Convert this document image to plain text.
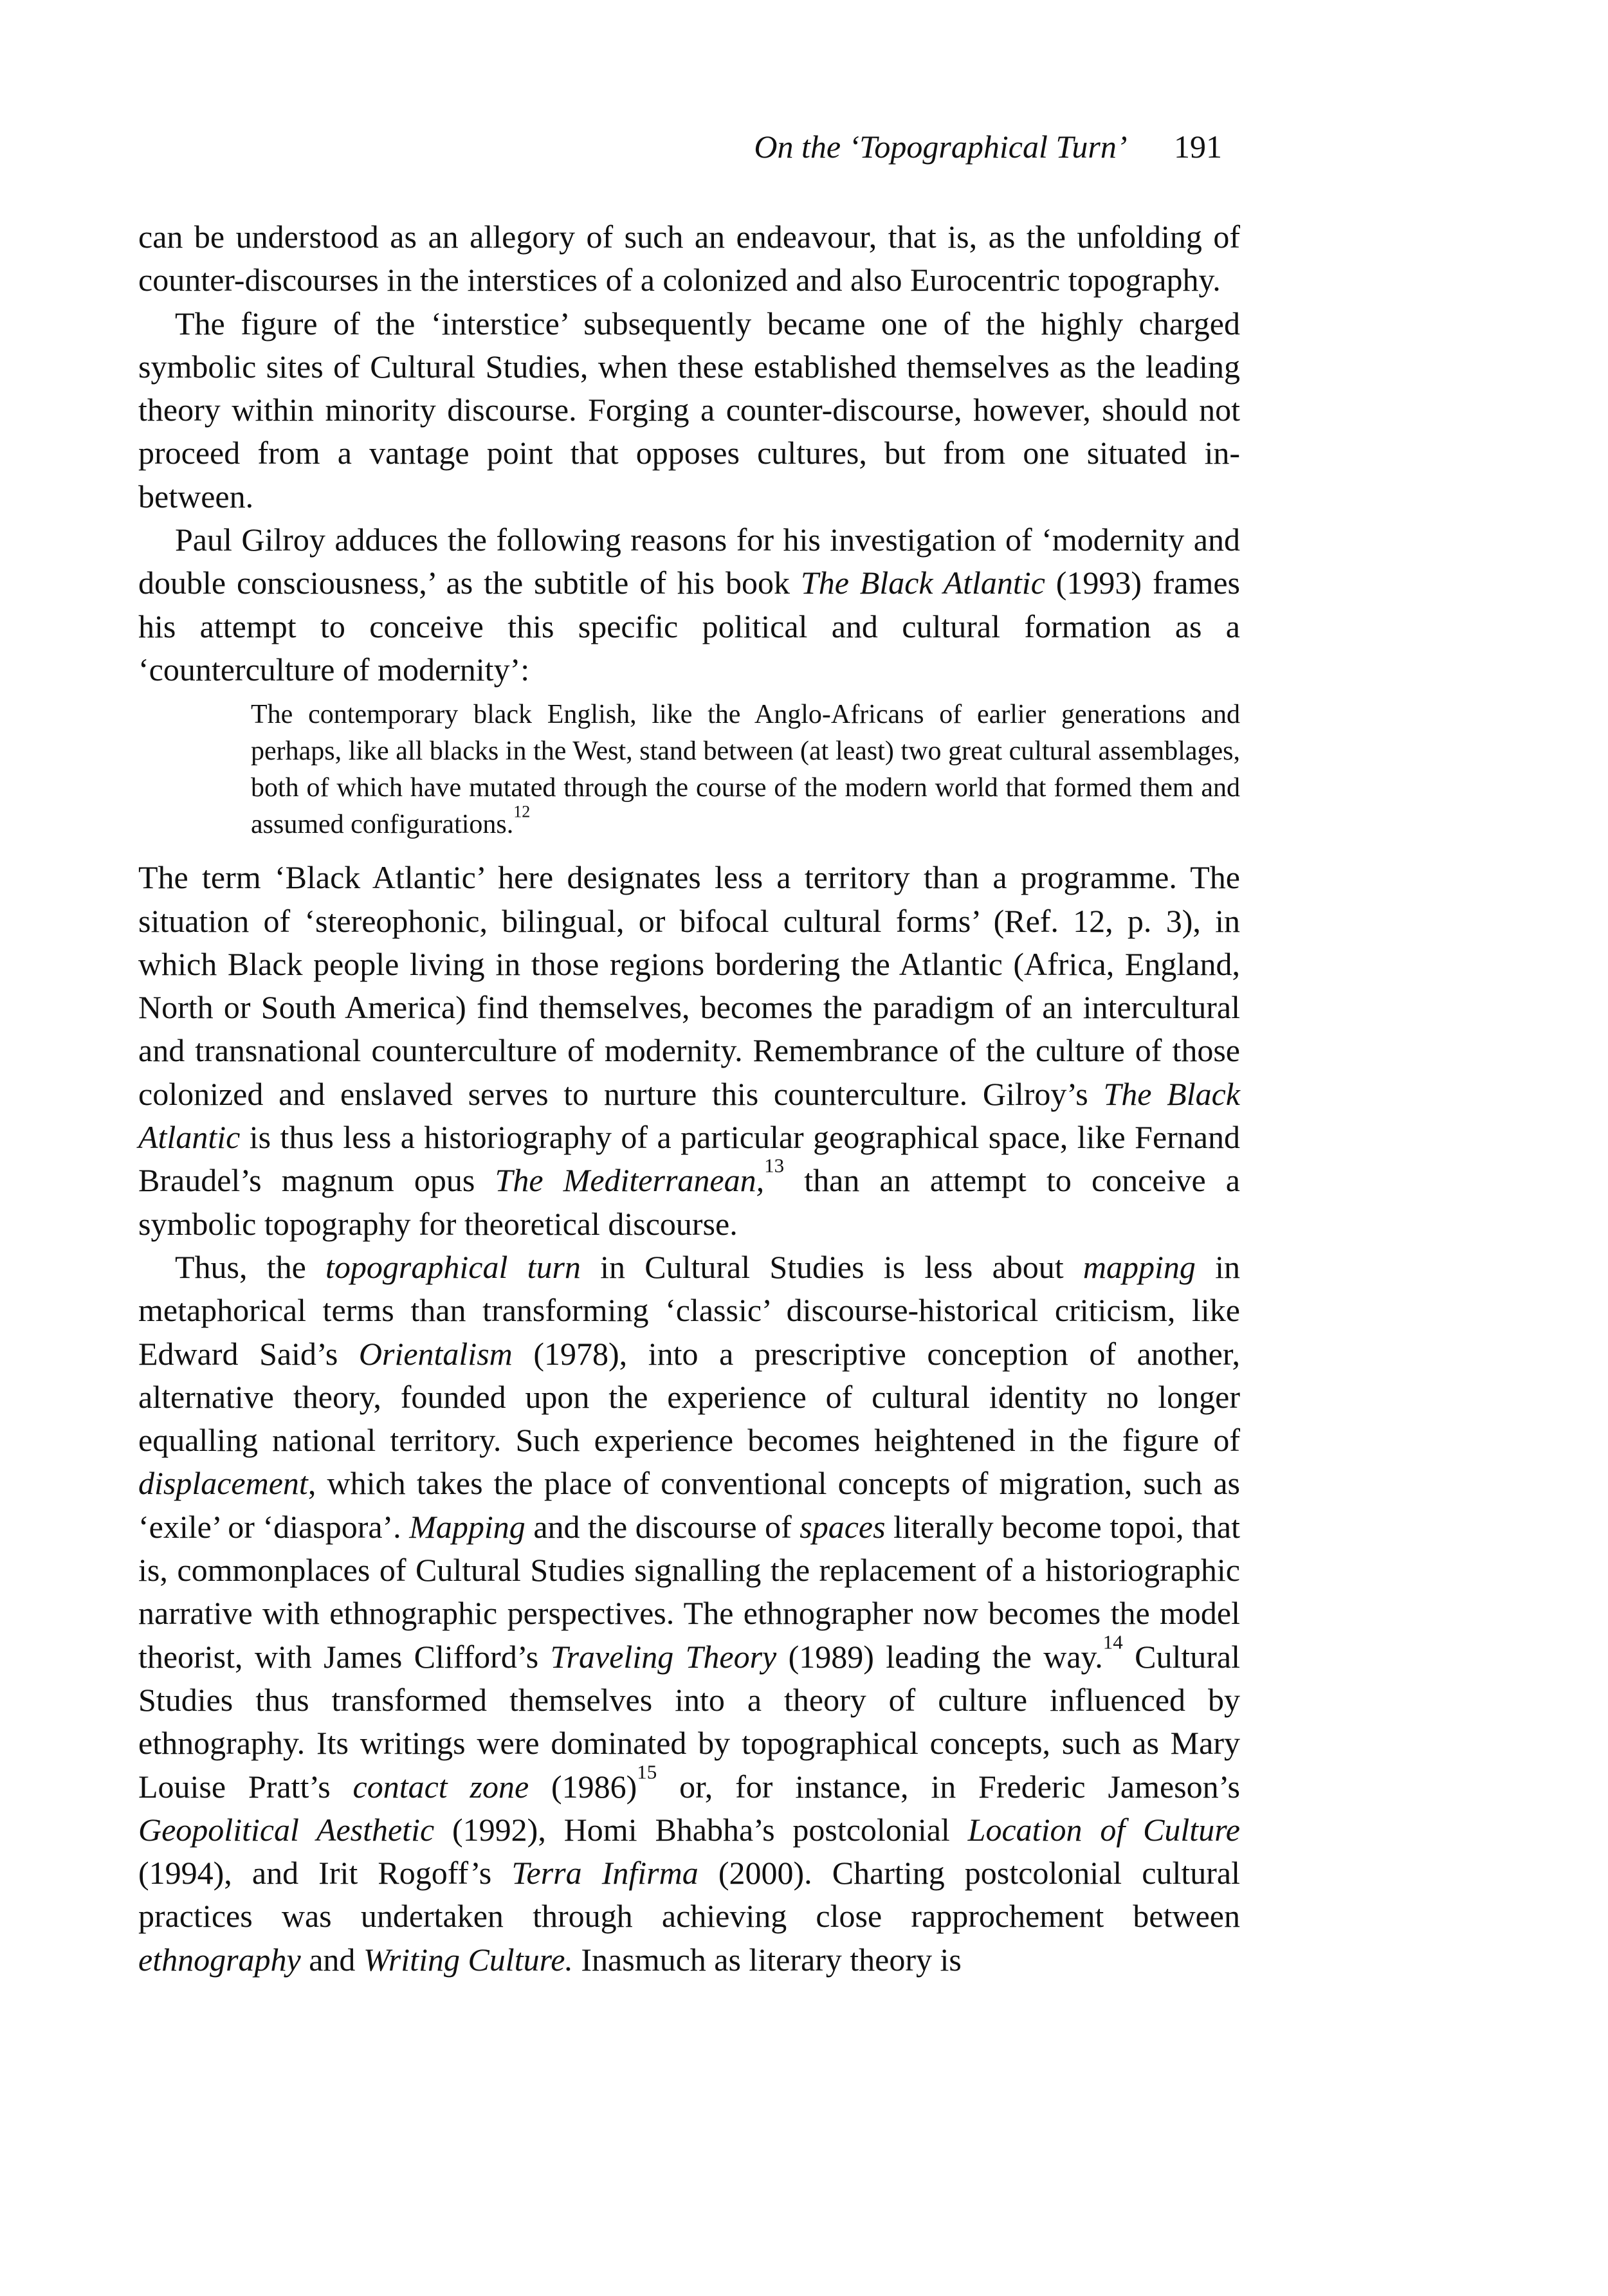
On the ‘Topographical Turn’ 191

can be understood as an allegory of such an endeavour, that is, as the unfolding of counter-discourses in the interstices of a colonized and also Eurocentric topography.

The figure of the ‘interstice’ subsequently became one of the highly charged symbolic sites of Cultural Studies, when these established themselves as the leading theory within minority discourse. Forging a counter-discourse, however, should not proceed from a vantage point that opposes cultures, but from one situated in-between.

Paul Gilroy adduces the following reasons for his investigation of ‘modernity and double consciousness,’ as the subtitle of his book The Black Atlantic (1993) frames his attempt to conceive this specific political and cultural formation as a ‘counterculture of modernity’:

The contemporary black English, like the Anglo-Africans of earlier generations and perhaps, like all blacks in the West, stand between (at least) two great cultural assemblages, both of which have mutated through the course of the modern world that formed them and assumed configurations.$^{12}$

The term ‘Black Atlantic’ here designates less a territory than a programme. The situation of ‘stereophonic, bilingual, or bifocal cultural forms’ (Ref. 12, p. 3), in which Black people living in those regions bordering the Atlantic (Africa, England, North or South America) find themselves, becomes the paradigm of an intercultural and transnational counterculture of modernity. Remembrance of the culture of those colonized and enslaved serves to nurture this counterculture. Gilroy’s The Black Atlantic is thus less a historiography of a particular geographical space, like Fernand Braudel’s magnum opus The Mediterranean,$^{13}$ than an attempt to conceive a symbolic topography for theoretical discourse.

Thus, the topographical turn in Cultural Studies is less about mapping in metaphorical terms than transforming ‘classic’ discourse-historical criticism, like Edward Said’s Orientalism (1978), into a prescriptive conception of another, alternative theory, founded upon the experience of cultural identity no longer equalling national territory. Such experience becomes heightened in the figure of displacement, which takes the place of conventional concepts of migration, such as ‘exile’ or ‘diaspora’. Mapping and the discourse of spaces literally become topoi, that is, commonplaces of Cultural Studies signalling the replacement of a historiographic narrative with ethnographic perspectives. The ethnographer now becomes the model theorist, with James Clifford’s Traveling Theory (1989) leading the way.$^{14}$ Cultural Studies thus transformed themselves into a theory of culture influenced by ethnography. Its writings were dominated by topographical concepts, such as Mary Louise Pratt’s contact zone $(1986)^{15}$ or, for instance, in Frederic Jameson’s Geopolitical Aesthetic (1992), Homi Bhabha’s postcolonial Location of Culture (1994), and Irit Rogoff’s Terra Infirma (2000). Charting postcolonial cultural practices was undertaken through achieving close rapprochement between ethnography and Writing Culture. Inasmuch as literary theory is
